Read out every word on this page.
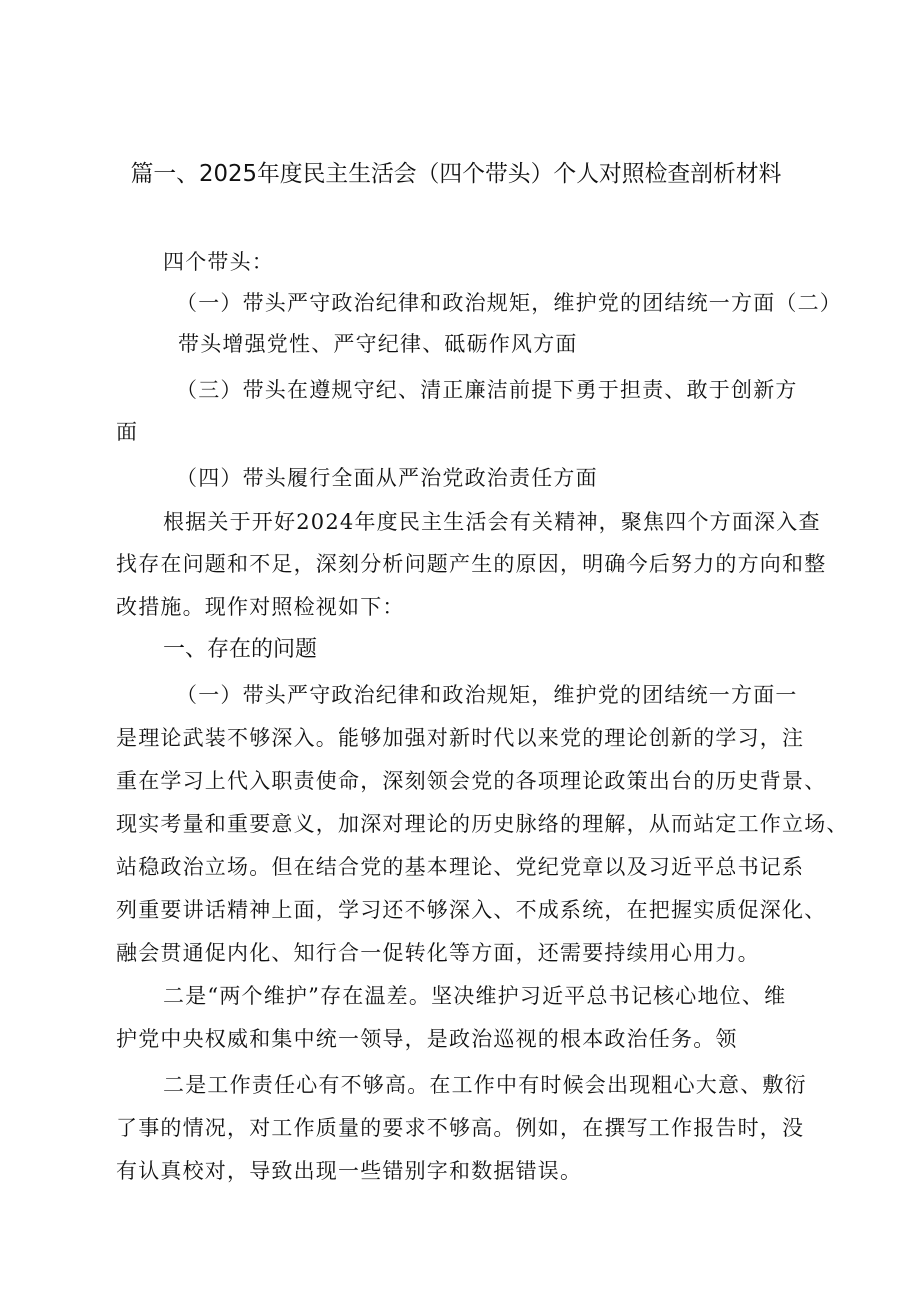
篇一、2025年度民主生活会（四个带头）个人对照检查剖析材料
四个带头：
（一）带头严守政治纪律和政治规矩，维护党的团结统一方面（二）
带头增强党性、严守纪律、砥砺作风方面
（三）带头在遵规守纪、清正廉洁前提下勇于担责、敢于创新方
面
（四）带头履行全面从严治党政治责任方面
根据关于开好2024年度民主生活会有关精神，聚焦四个方面深入查
找存在问题和不足，深刻分析问题产生的原因，明确今后努力的方向和整
改措施。现作对照检视如下：
一、存在的问题
（一）带头严守政治纪律和政治规矩，维护党的团结统一方面一
是理论武装不够深入。能够加强对新时代以来党的理论创新的学习，注
重在学习上代入职责使命，深刻领会党的各项理论政策出台的历史背景、
现实考量和重要意义，加深对理论的历史脉络的理解，从而站定工作立场、
站稳政治立场。但在结合党的基本理论、党纪党章以及习近平总书记系
列重要讲话精神上面，学习还不够深入、不成系统，在把握实质促深化、
融会贯通促内化、知行合一促转化等方面，还需要持续用心用力。
二是“两个维护”存在温差。坚决维护习近平总书记核心地位、维
护党中央权威和集中统一领导，是政治巡视的根本政治任务。领
二是工作责任心有不够高。在工作中有时候会出现粗心大意、敷衍
了事的情况，对工作质量的要求不够高。例如，在撰写工作报告时，没
有认真校对，导致出现一些错别字和数据错误。
